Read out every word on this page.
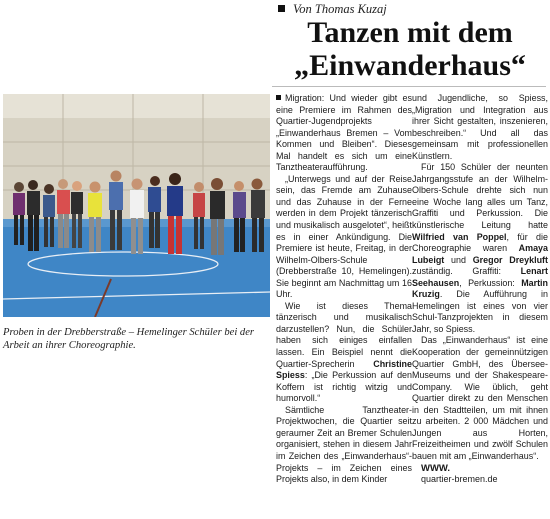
Von Thomas Kuzaj
Tanzen mit dem
„Einwanderhaus“
Proben in der Drebberstraße – Hemelinger Schüler bei der Arbeit an ihrer Choreographie.

Migration: Und wieder gibt es eine Premiere im Rahmen des Quartier-Jugendprojekts „Einwanderhaus Bremen – Vom Kommen und Bleiben“. Dieses Mal handelt es sich um eine Tanztheateraufführung.

„Unterwegs und auf der Reise sein, das Fremde am Zuhause und das Zuhause in der Ferne werden in dem Projekt tänzerisch und musikalisch ausgelotet“, heißt es in einer Ankündigung. Die Premiere ist heute, Freitag, in der Wilhelm-Olbers-Schule (Drebberstraße 10, Hemelingen). Sie beginnt am Nachmittag um 16 Uhr.

Wie ist dieses Thema tänzerisch und musikalisch darzustellen? Nun, die Schüler haben sich einiges einfallen lassen. Ein Beispiel nennt die Quartier-Sprecherin Christine Spiess: „Die Perkussion auf den Koffern ist richtig witzig und humorvoll.“

Sämtliche Tanztheater-Projektwochen, die Quartier seit geraumer Zeit an Bremer Schulen organisiert, stehen in diesem Jahr im Zeichen des „Einwanderhaus“-Projekts – im Zeichen eines Projekts also, in dem Kinder

und Jugendliche, so Spiess, „Migration und Integration aus ihrer Sicht gestalten, inszenieren, beschreiben.“ Und all das gemeinsam mit professionellen Künstlern.

Für 150 Schüler der neunten Jahrgangsstufe an der Wilhelm-Olbers-Schule drehte sich nun eine Woche lang alles um Tanz, Graffiti und Perkussion. Die künstlerische Leitung hatte Wilfried van Poppel, für die Choreographie waren Amaya Lubeigt und Gregor Dreykluft zuständig. Graffiti: Lenart Seehausen, Perkussion: Martin Kruzig. Die Aufführung in Hemelingen ist eines von vier Schul-Tanzprojekten in diesem Jahr, so Spiess.

Das „Einwanderhaus“ ist eine Kooperation der gemeinnützigen Quartier GmbH, des Übersee-Museums und der Shakespeare-Company. Wie üblich, geht Quartier direkt zu den Menschen in den Stadtteilen, um mit ihnen zu arbeiten. 2 000 Mädchen und Jungen aus Horten, Freizeitheimen und zwölf Schulen bauen mit am „Einwanderhaus“.

WWW.
quartier-bremen.de
